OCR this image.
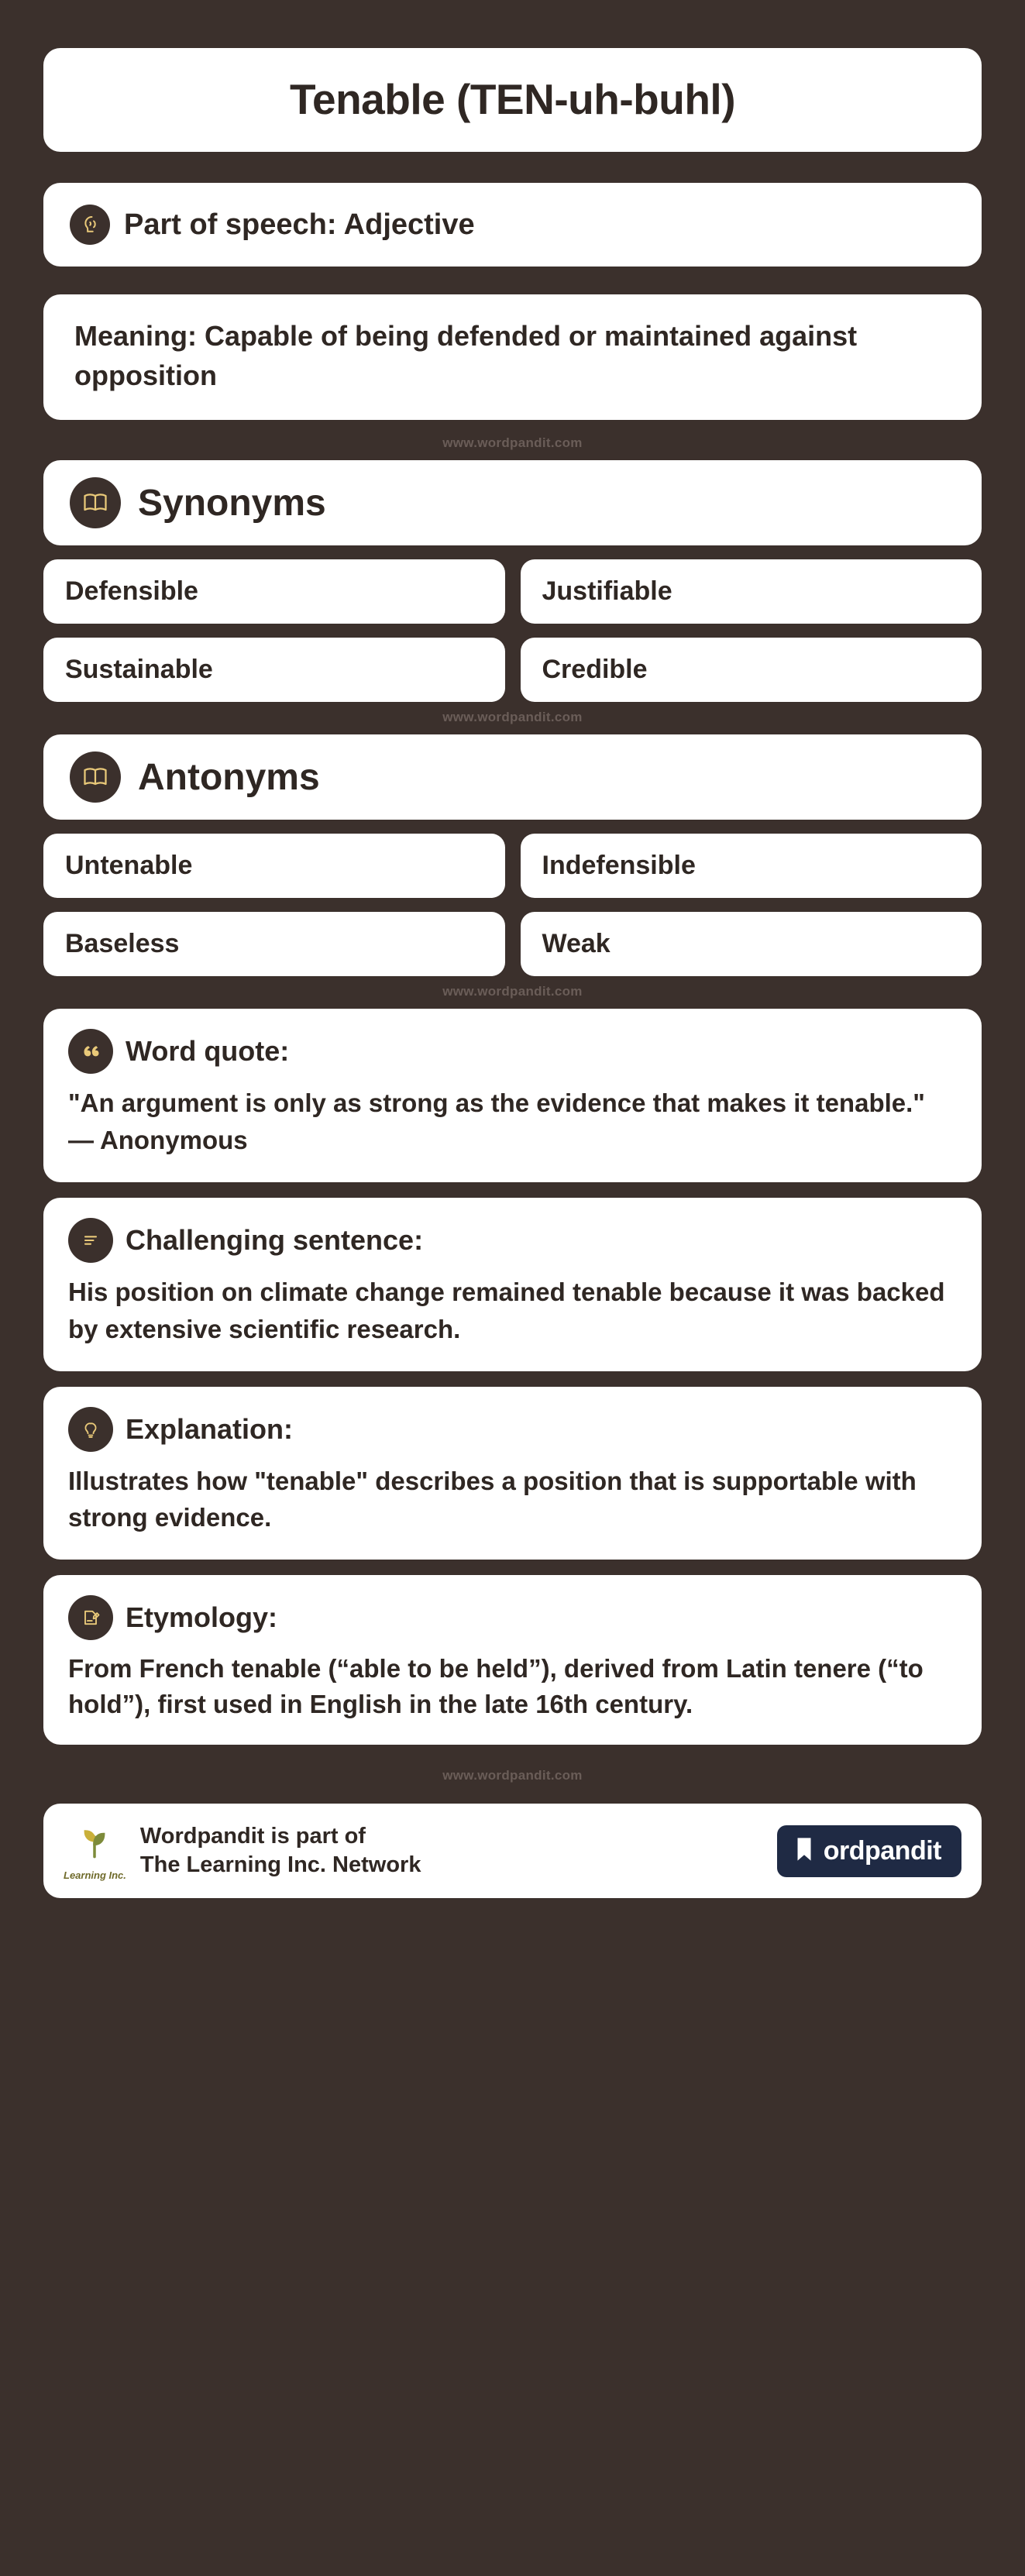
Tenable (TEN-uh-buhl)
Part of speech: Adjective
Meaning: Capable of being defended or maintained against opposition
www.wordpandit.com
Synonyms
Defensible	Justifiable
Sustainable	Credible
www.wordpandit.com
Antonyms
Untenable	Indefensible
Baseless	Weak
www.wordpandit.com
Word quote:
"An argument is only as strong as the evidence that makes it tenable." — Anonymous
Challenging sentence:
His position on climate change remained tenable because it was backed by extensive scientific research.
Explanation:
Illustrates how "tenable" describes a position that is supportable with strong evidence.
Etymology:
From French tenable (“able to be held”), derived from Latin tenere (“to hold”), first used in English in the late 16th century.
www.wordpandit.com
Learning Inc.
Wordpandit is part of
The Learning Inc. Network	ordpandit
